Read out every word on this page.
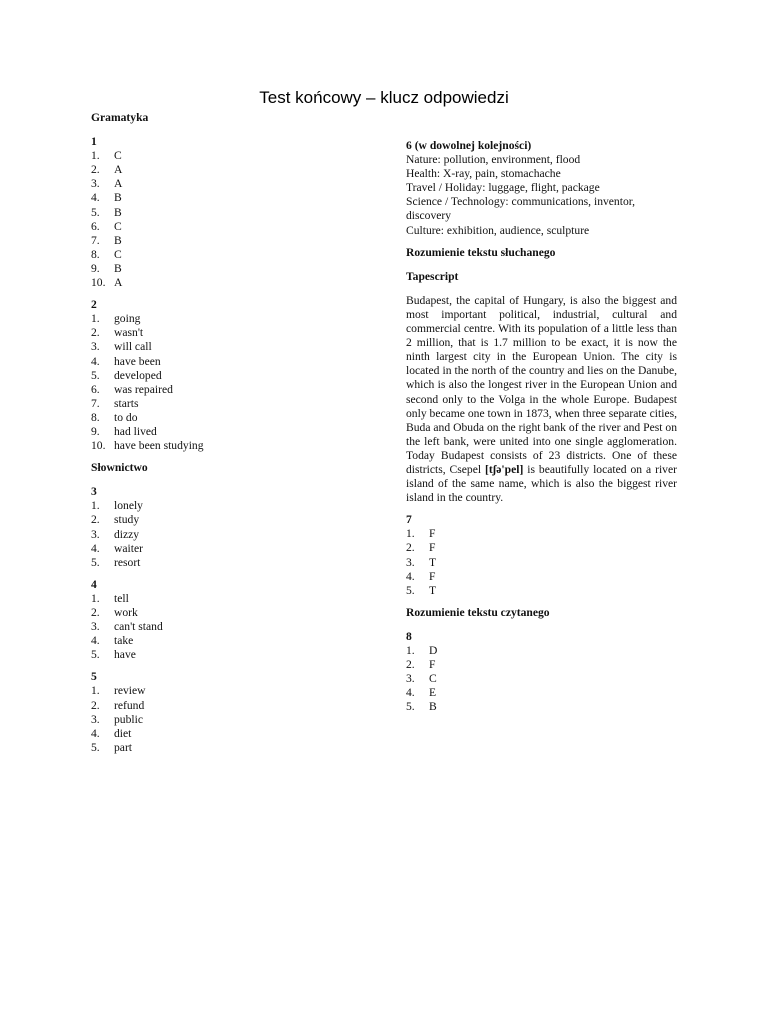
Test końcowy – klucz odpowiedzi

Gramatyka

1

1.	C
2.	A
3.	A
4.	B
5.	B
6.	C
7.	B
8.	C
9.	B
10. A

2

1.	going
2.	wasn't
3.	will call
4.	have been
5.	developed
6.	was repaired
7.	starts
8.	to do
9.	had lived
10. have been studying

Słownictwo

3

1.	lonely
2.	study
3.	dizzy
4.	waiter
5.	resort

4

1.	tell
2.	work
3.	can't stand
4.	take
5.	have

5

1.	review
2.	refund
3.	public
4.	diet
5.	part

6 (w dowolnej kolejności)

Nature: pollution, environment, flood

Health: X-ray, pain, stomachache

Travel / Holiday: luggage, flight, package

Science / Technology: communications, inventor, discovery

Culture: exhibition, audience, sculpture

Rozumienie tekstu słuchanego

Tapescript

Budapest, the capital of Hungary, is also the biggest and most important political, industrial, cultural and commercial centre. With its population of a little less than 2 million, that is 1.7 million to be exact, it is now the ninth largest city in the European Union. The city is located in the north of the country and lies on the Danube, which is also the longest river in the European Union and second only to the Volga in the whole Europe. Budapest only became one town in 1873, when three separate cities, Buda and Obuda on the right bank of the river and Pest on the left bank, were united into one single agglomeration. Today Budapest consists of 23 districts. One of these districts, Csepel [tʃə'pel] is beautifully located on a river island of the same name, which is also the biggest river island in the country.

7

1.	F
2.	F
3.	T
4.	F
5.	T

Rozumienie tekstu czytanego

8

1.	D
2.	F
3.	C
4.	E
5.	B
